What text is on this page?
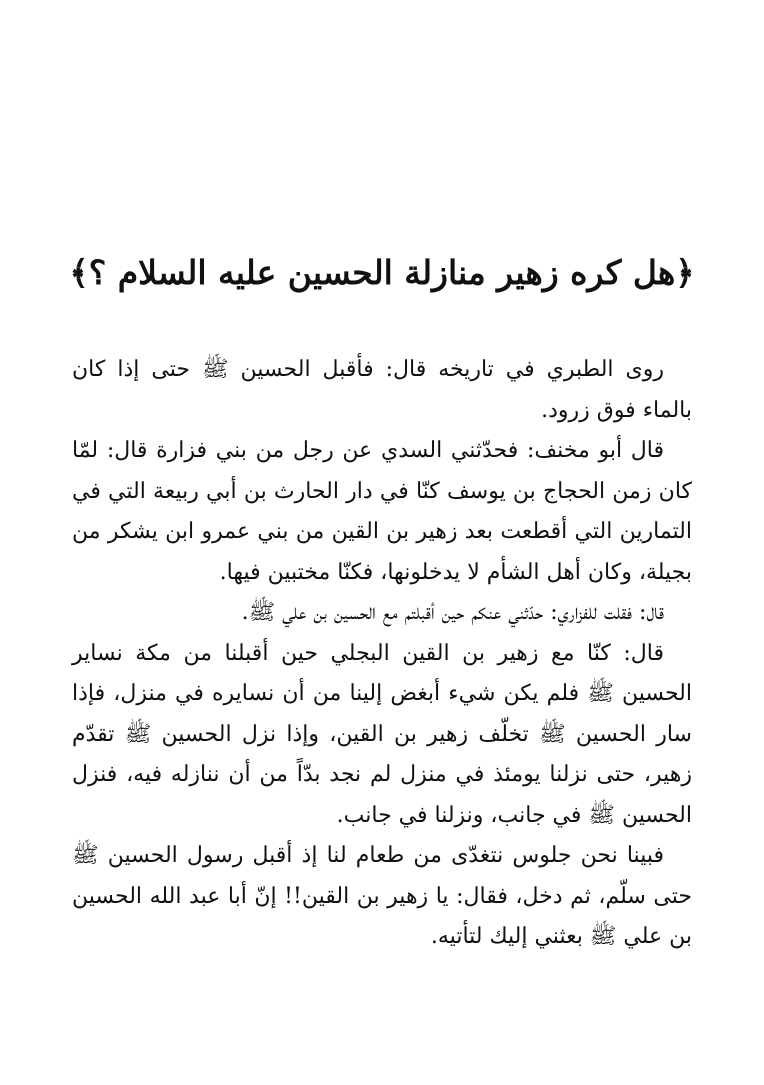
﴿هل كره زهير منازلة الحسين عليه السلام ؟﴾

روى الطبري في تاريخه قال: فأقبل الحسين ﷺ حتى إذا كان بالماء فوق زرود.

قال أبو مخنف: فحدّثني السدي عن رجل من بني فزارة قال: لمّا كان زمن الحجاج بن يوسف كنّا في دار الحارث بن أبي ربيعة التي في التمارين التي أقطعت بعد زهير بن القين من بني عمرو ابن يشكر من بجيلة، وكان أهل الشأم لا يدخلونها، فكنّا مختبين فيها.

قال: فقلت للفزاري: حدّثني عنكم حين أقبلتم مع الحسين بن علي ﷺ.

قال: كنّا مع زهير بن القين البجلي حين أقبلنا من مكة نساير الحسين ﷺ فلم يكن شيء أبغض إلينا من أن نسايره في منزل، فإذا سار الحسين ﷺ تخلّف زهير بن القين، وإذا نزل الحسين ﷺ تقدّم زهير، حتى نزلنا يومئذ في منزل لم نجد بدّاً من أن ننازله فيه، فنزل الحسين ﷺ في جانب، ونزلنا في جانب.

فبينا نحن جلوس نتغدّى من طعام لنا إذ أقبل رسول الحسين ﷺ حتى سلّم، ثم دخل، فقال: يا زهير بن القين!! إنّ أبا عبد الله الحسين بن علي ﷺ بعثني إليك لتأتيه.
